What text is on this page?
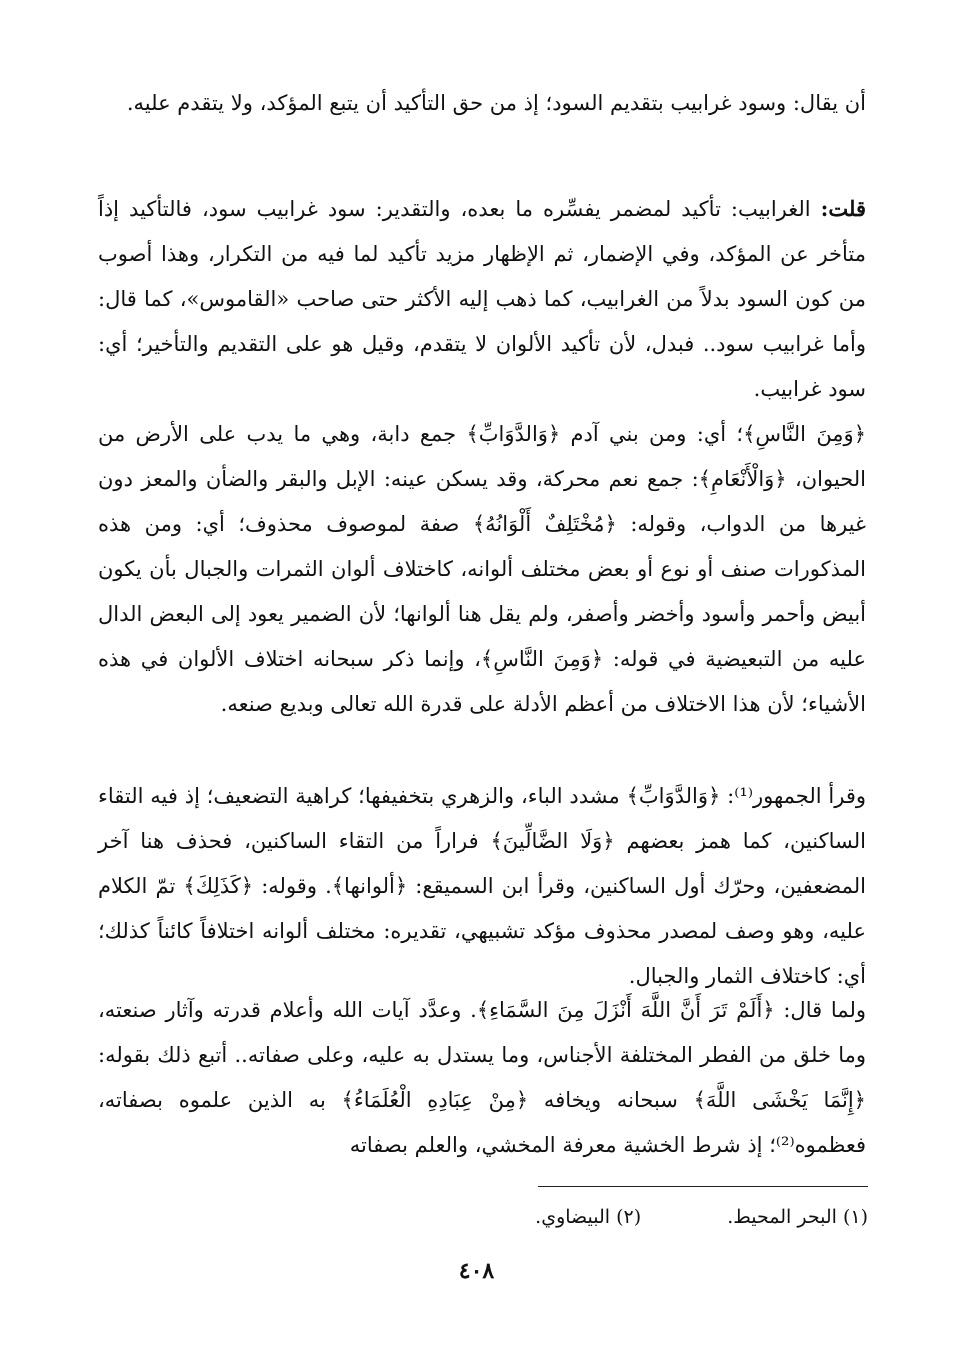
أن يقال: وسود غرابيب بتقديم السود؛ إذ من حق التأكيد أن يتبع المؤكد، ولا يتقدم عليه.

قلت: الغرابيب: تأكيد لمضمر يفسِّره ما بعده، والتقدير: سود غرابيب سود، فالتأكيد إذاً متأخر عن المؤكد، وفي الإضمار، ثم الإظهار مزيد تأكيد لما فيه من التكرار، وهذا أصوب من كون السود بدلاً من الغرابيب، كما ذهب إليه الأكثر حتى صاحب «القاموس»، كما قال: وأما غرابيب سود.. فبدل، لأن تأكيد الألوان لا يتقدم، وقيل هو على التقديم والتأخير؛ أي: سود غرابيب.

﴿وَمِنَ النَّاسِ﴾؛ أي: ومن بني آدم ﴿وَالدَّوَابِّ﴾ جمع دابة، وهي ما يدب على الأرض من الحيوان، ﴿وَالْأَنْعَامِ﴾: جمع نعم محركة، وقد يسكن عينه: الإبل والبقر والضأن والمعز دون غيرها من الدواب، وقوله: ﴿مُخْتَلِفٌ أَلْوَانُهُ﴾ صفة لموصوف محذوف؛ أي: ومن هذه المذكورات صنف أو نوع أو بعض مختلف ألوانه، كاختلاف ألوان الثمرات والجبال بأن يكون أبيض وأحمر وأسود وأخضر وأصفر، ولم يقل هنا ألوانها؛ لأن الضمير يعود إلى البعض الدال عليه من التبعيضية في قوله: ﴿وَمِنَ النَّاسِ﴾، وإنما ذكر سبحانه اختلاف الألوان في هذه الأشياء؛ لأن هذا الاختلاف من أعظم الأدلة على قدرة الله تعالى وبديع صنعه.

وقرأ الجمهور⁽¹⁾: ﴿وَالدَّوَابِّ﴾ مشدد الباء، والزهري بتخفيفها؛ كراهية التضعيف؛ إذ فيه التقاء الساكنين، كما همز بعضهم ﴿وَلَا الضَّالِّينَ﴾ فراراً من التقاء الساكنين، فحذف هنا آخر المضعفين، وحرّك أول الساكنين، وقرأ ابن السميقع: ﴿ألوانها﴾. وقوله: ﴿كَذَلِكَ﴾ تمّ الكلام عليه، وهو وصف لمصدر محذوف مؤكد تشبيهي، تقديره: مختلف ألوانه اختلافاً كائناً كذلك؛ أي: كاختلاف الثمار والجبال.

ولما قال: ﴿أَلَمْ تَرَ أَنَّ اللَّهَ أَنْزَلَ مِنَ السَّمَاءِ﴾. وعدَّد آيات الله وأعلام قدرته وآثار صنعته، وما خلق من الفطر المختلفة الأجناس، وما يستدل به عليه، وعلى صفاته.. أتبع ذلك بقوله: ﴿إِنَّمَا يَخْشَى اللَّهَ﴾ سبحانه ويخافه ﴿مِنْ عِبَادِهِ الْعُلَمَاءُ﴾ به الذين علموه بصفاته، فعظموه⁽²⁾؛ إذ شرط الخشية معرفة المخشي، والعلم بصفاته

(١) البحر المحيط. (٢) البيضاوي.
٤٠٨
